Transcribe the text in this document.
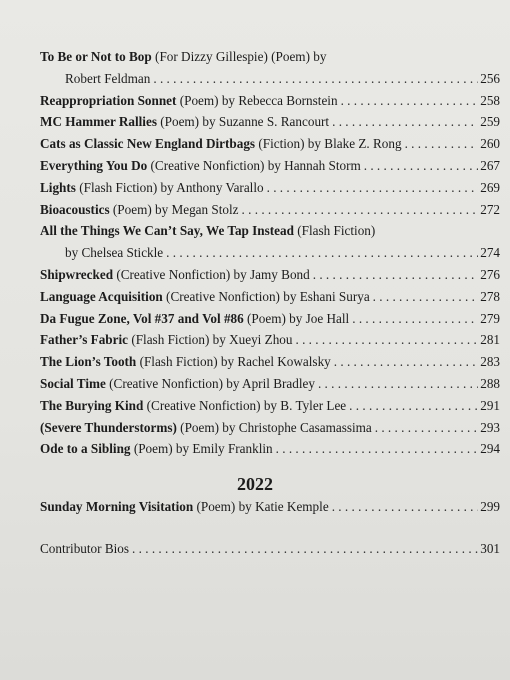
To Be or Not to Bop (For Dizzy Gillespie) (Poem) by
Robert Feldman . . .	256
Reappropriation Sonnet (Poem) by Rebecca Bornstein . . .	258
MC Hammer Rallies (Poem) by Suzanne S. Rancourt . . .	259
Cats as Classic New England Dirtbags (Fiction) by Blake Z. Rong . . .	260
Everything You Do (Creative Nonfiction) by Hannah Storm . . .	267
Lights (Flash Fiction) by Anthony Varallo . . .	269
Bioacoustics (Poem) by Megan Stolz . . .	272
All the Things We Can’t Say, We Tap Instead (Flash Fiction)
by Chelsea Stickle . . .	274
Shipwrecked (Creative Nonfiction) by Jamy Bond . . .	276
Language Acquisition (Creative Nonfiction) by Eshani Surya . . .	278
Da Fugue Zone, Vol #37 and Vol #86 (Poem) by Joe Hall . . .	279
Father’s Fabric (Flash Fiction) by Xueyi Zhou . . .	281
The Lion’s Tooth (Flash Fiction) by Rachel Kowalsky . . .	283
Social Time (Creative Nonfiction) by April Bradley . . .	288
The Burying Kind (Creative Nonfiction) by B. Tyler Lee . . .	291
(Severe Thunderstorms) (Poem) by Christophe Casamassima . . .	293
Ode to a Sibling (Poem) by Emily Franklin . . .	294
2022
Sunday Morning Visitation (Poem) by Katie Kemple . . .	299
Contributor Bios . . .	301
